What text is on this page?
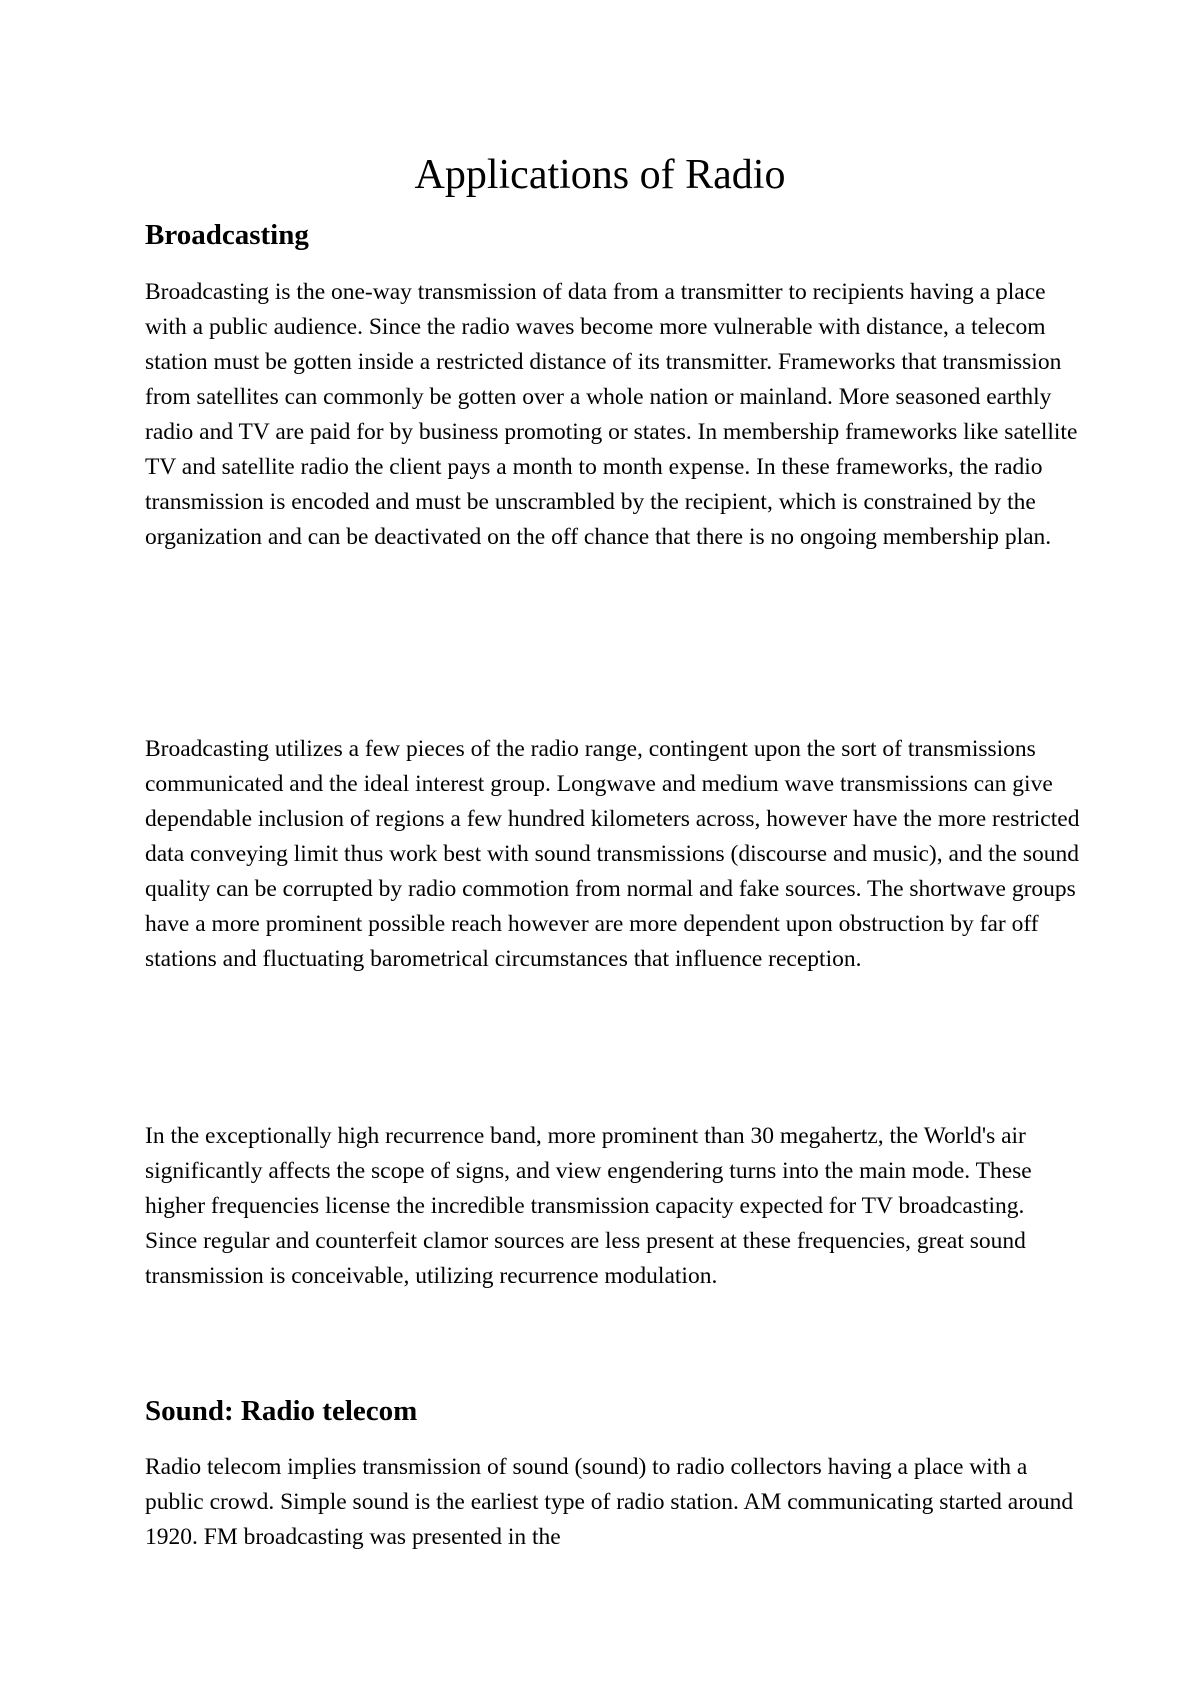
Applications of Radio
Broadcasting

Broadcasting is the one-way transmission of data from a transmitter to recipients having a place with a public audience. Since the radio waves become more vulnerable with distance, a telecom station must be gotten inside a restricted distance of its transmitter. Frameworks that transmission from satellites can commonly be gotten over a whole nation or mainland. More seasoned earthly radio and TV are paid for by business promoting or states. In membership frameworks like satellite TV and satellite radio the client pays a month to month expense. In these frameworks, the radio transmission is encoded and must be unscrambled by the recipient, which is constrained by the organization and can be deactivated on the off chance that there is no ongoing membership plan.

Broadcasting utilizes a few pieces of the radio range, contingent upon the sort of transmissions communicated and the ideal interest group. Longwave and medium wave transmissions can give dependable inclusion of regions a few hundred kilometers across, however have the more restricted data conveying limit thus work best with sound transmissions (discourse and music), and the sound quality can be corrupted by radio commotion from normal and fake sources. The shortwave groups have a more prominent possible reach however are more dependent upon obstruction by far off stations and fluctuating barometrical circumstances that influence reception.

In the exceptionally high recurrence band, more prominent than 30 megahertz, the World's air significantly affects the scope of signs, and view engendering turns into the main mode. These higher frequencies license the incredible transmission capacity expected for TV broadcasting. Since regular and counterfeit clamor sources are less present at these frequencies, great sound transmission is conceivable, utilizing recurrence modulation.

Sound: Radio telecom

Radio telecom implies transmission of sound (sound) to radio collectors having a place with a public crowd. Simple sound is the earliest type of radio station. AM communicating started around 1920. FM broadcasting was presented in the
